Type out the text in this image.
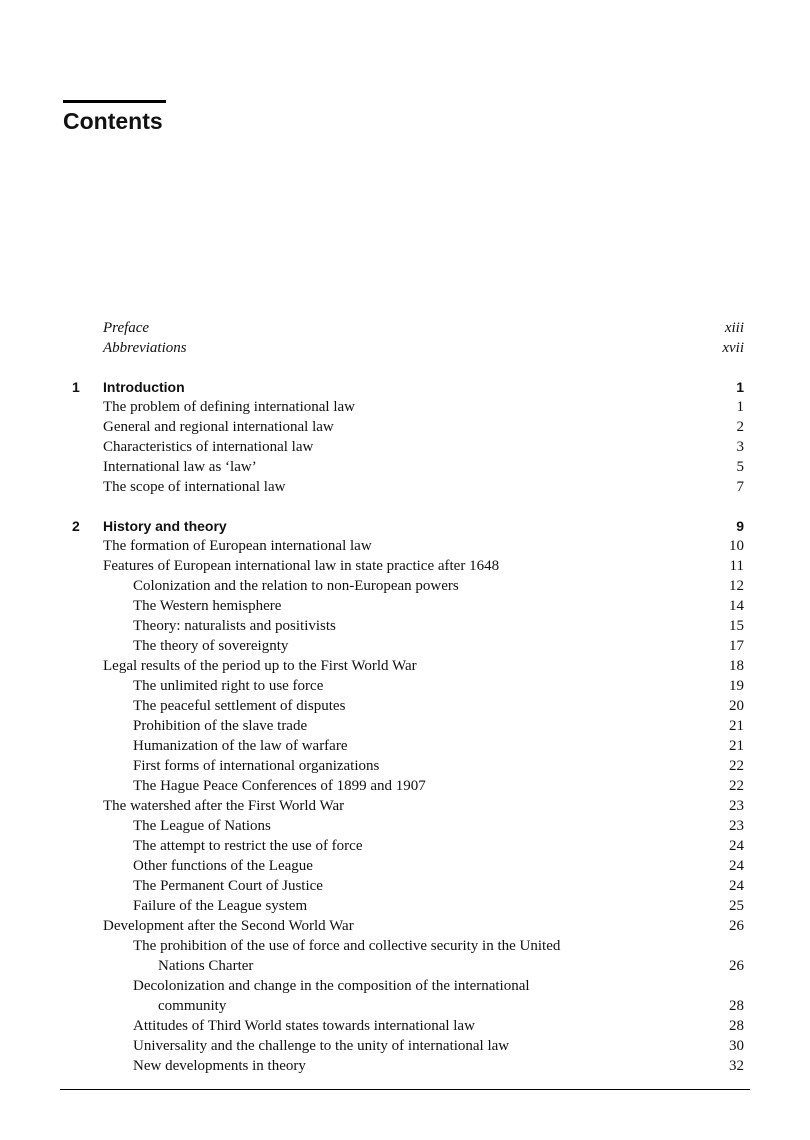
Contents
Preface	xiii
Abbreviations	xvii
1 Introduction	1
The problem of defining international law	1
General and regional international law	2
Characteristics of international law	3
International law as ‘law’	5
The scope of international law	7
2 History and theory	9
The formation of European international law	10
Features of European international law in state practice after 1648	11
Colonization and the relation to non-European powers	12
The Western hemisphere	14
Theory: naturalists and positivists	15
The theory of sovereignty	17
Legal results of the period up to the First World War	18
The unlimited right to use force	19
The peaceful settlement of disputes	20
Prohibition of the slave trade	21
Humanization of the law of warfare	21
First forms of international organizations	22
The Hague Peace Conferences of 1899 and 1907	22
The watershed after the First World War	23
The League of Nations	23
The attempt to restrict the use of force	24
Other functions of the League	24
The Permanent Court of Justice	24
Failure of the League system	25
Development after the Second World War	26
The prohibition of the use of force and collective security in the United
Nations Charter	26
Decolonization and change in the composition of the international
community	28
Attitudes of Third World states towards international law	28
Universality and the challenge to the unity of international law	30
New developments in theory	32
